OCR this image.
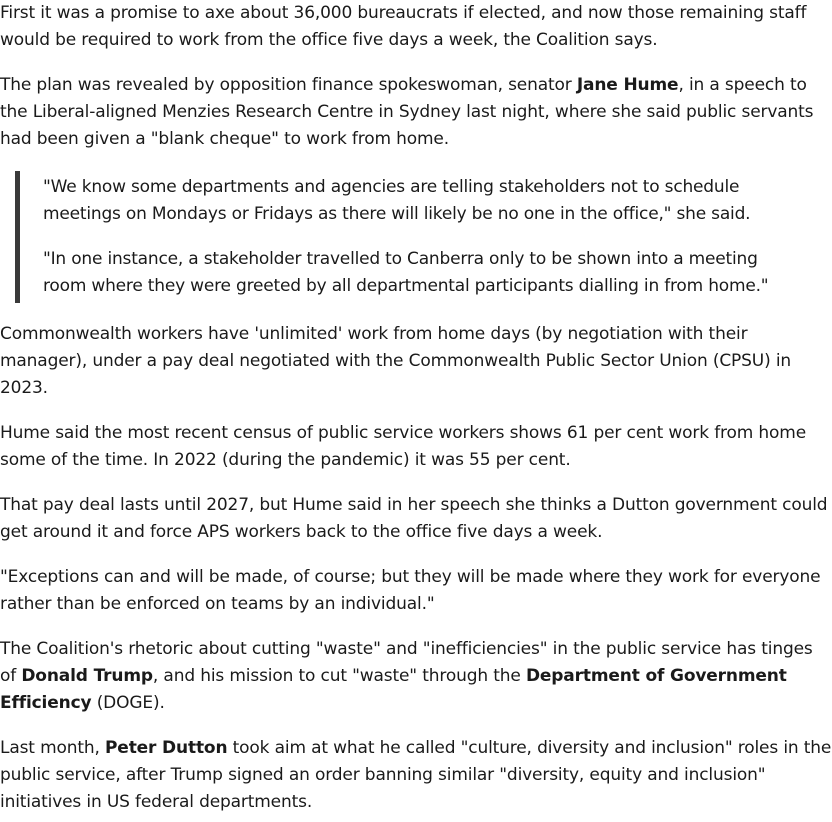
First it was a promise to axe about 36,000 bureaucrats if elected, and now those remaining staff would be required to work from the office five days a week, the Coalition says.

The plan was revealed by opposition finance spokeswoman, senator Jane Hume, in a speech to the Liberal-aligned Menzies Research Centre in Sydney last night, where she said public servants had been given a "blank cheque" to work from home.

"We know some departments and agencies are telling stakeholders not to schedule meetings on Mondays or Fridays as there will likely be no one in the office," she said.

"In one instance, a stakeholder travelled to Canberra only to be shown into a meeting room where they were greeted by all departmental participants dialling in from home."

Commonwealth workers have 'unlimited' work from home days (by negotiation with their manager), under a pay deal negotiated with the Commonwealth Public Sector Union (CPSU) in 2023.

Hume said the most recent census of public service workers shows 61 per cent work from home some of the time. In 2022 (during the pandemic) it was 55 per cent.

That pay deal lasts until 2027, but Hume said in her speech she thinks a Dutton government could get around it and force APS workers back to the office five days a week.

"Exceptions can and will be made, of course; but they will be made where they work for everyone rather than be enforced on teams by an individual."

The Coalition's rhetoric about cutting "waste" and "inefficiencies" in the public service has tinges of Donald Trump, and his mission to cut "waste" through the Department of Government Efficiency (DOGE).

Last month, Peter Dutton took aim at what he called "culture, diversity and inclusion" roles in the public service, after Trump signed an order banning similar "diversity, equity and inclusion" initiatives in US federal departments.
